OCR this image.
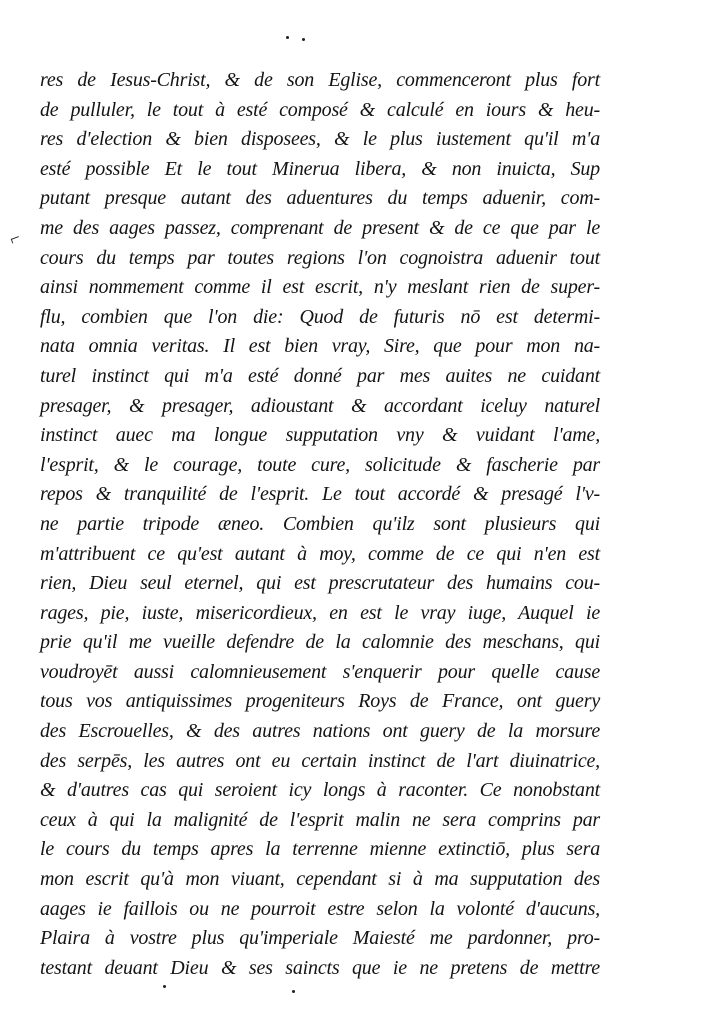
⌐
res de Iesus-Christ, & de son Eglise, commenceront plus fort
de pulluler, le tout à esté composé & calculé en iours & heu-
res d'election & bien disposees, & le plus iustement qu'il m'a
esté possible Et le tout Minerua libera, & non inuicta, Sup
putant presque autant des aduentures du temps aduenir, com-
me des aages passez, comprenant de present & de ce que par le
cours du temps par toutes regions l'on cognoistra aduenir tout
ainsi nommement comme il est escrit, n'y meslant rien de super-
flu, combien que l'on die: Quod de futuris nō est determi-
nata omnia veritas. Il est bien vray, Sire, que pour mon na-
turel instinct qui m'a esté donné par mes auites ne cuidant
presager, & presager, adioustant & accordant iceluy naturel
instinct auec ma longue supputation vny & vuidant l'ame,
l'esprit, & le courage, toute cure, solicitude & fascherie par
repos & tranquilité de l'esprit. Le tout accordé & presagé l'v-
ne partie tripode æneo. Combien qu'ilz sont plusieurs qui
m'attribuent ce qu'est autant à moy, comme de ce qui n'en est
rien, Dieu seul eternel, qui est prescrutateur des humains cou-
rages, pie, iuste, misericordieux, en est le vray iuge, Auquel ie
prie qu'il me vueille defendre de la calomnie des meschans, qui
voudroyēt aussi calomnieusement s'enquerir pour quelle cause
tous vos antiquissimes progeniteurs Roys de France, ont guery
des Escrouelles, & des autres nations ont guery de la morsure
des serpēs, les autres ont eu certain instinct de l'art diuinatrice,
& d'autres cas qui seroient icy longs à raconter. Ce nonobstant
ceux à qui la malignité de l'esprit malin ne sera comprins par
le cours du temps apres la terrenne mienne extinctiō, plus sera
mon escrit qu'à mon viuant, cependant si à ma supputation des
aages ie faillois ou ne pourroit estre selon la volonté d'aucuns,
Plaira à vostre plus qu'imperiale Maiesté me pardonner, pro-
testant deuant Dieu & ses saincts que ie ne pretens de mettre
